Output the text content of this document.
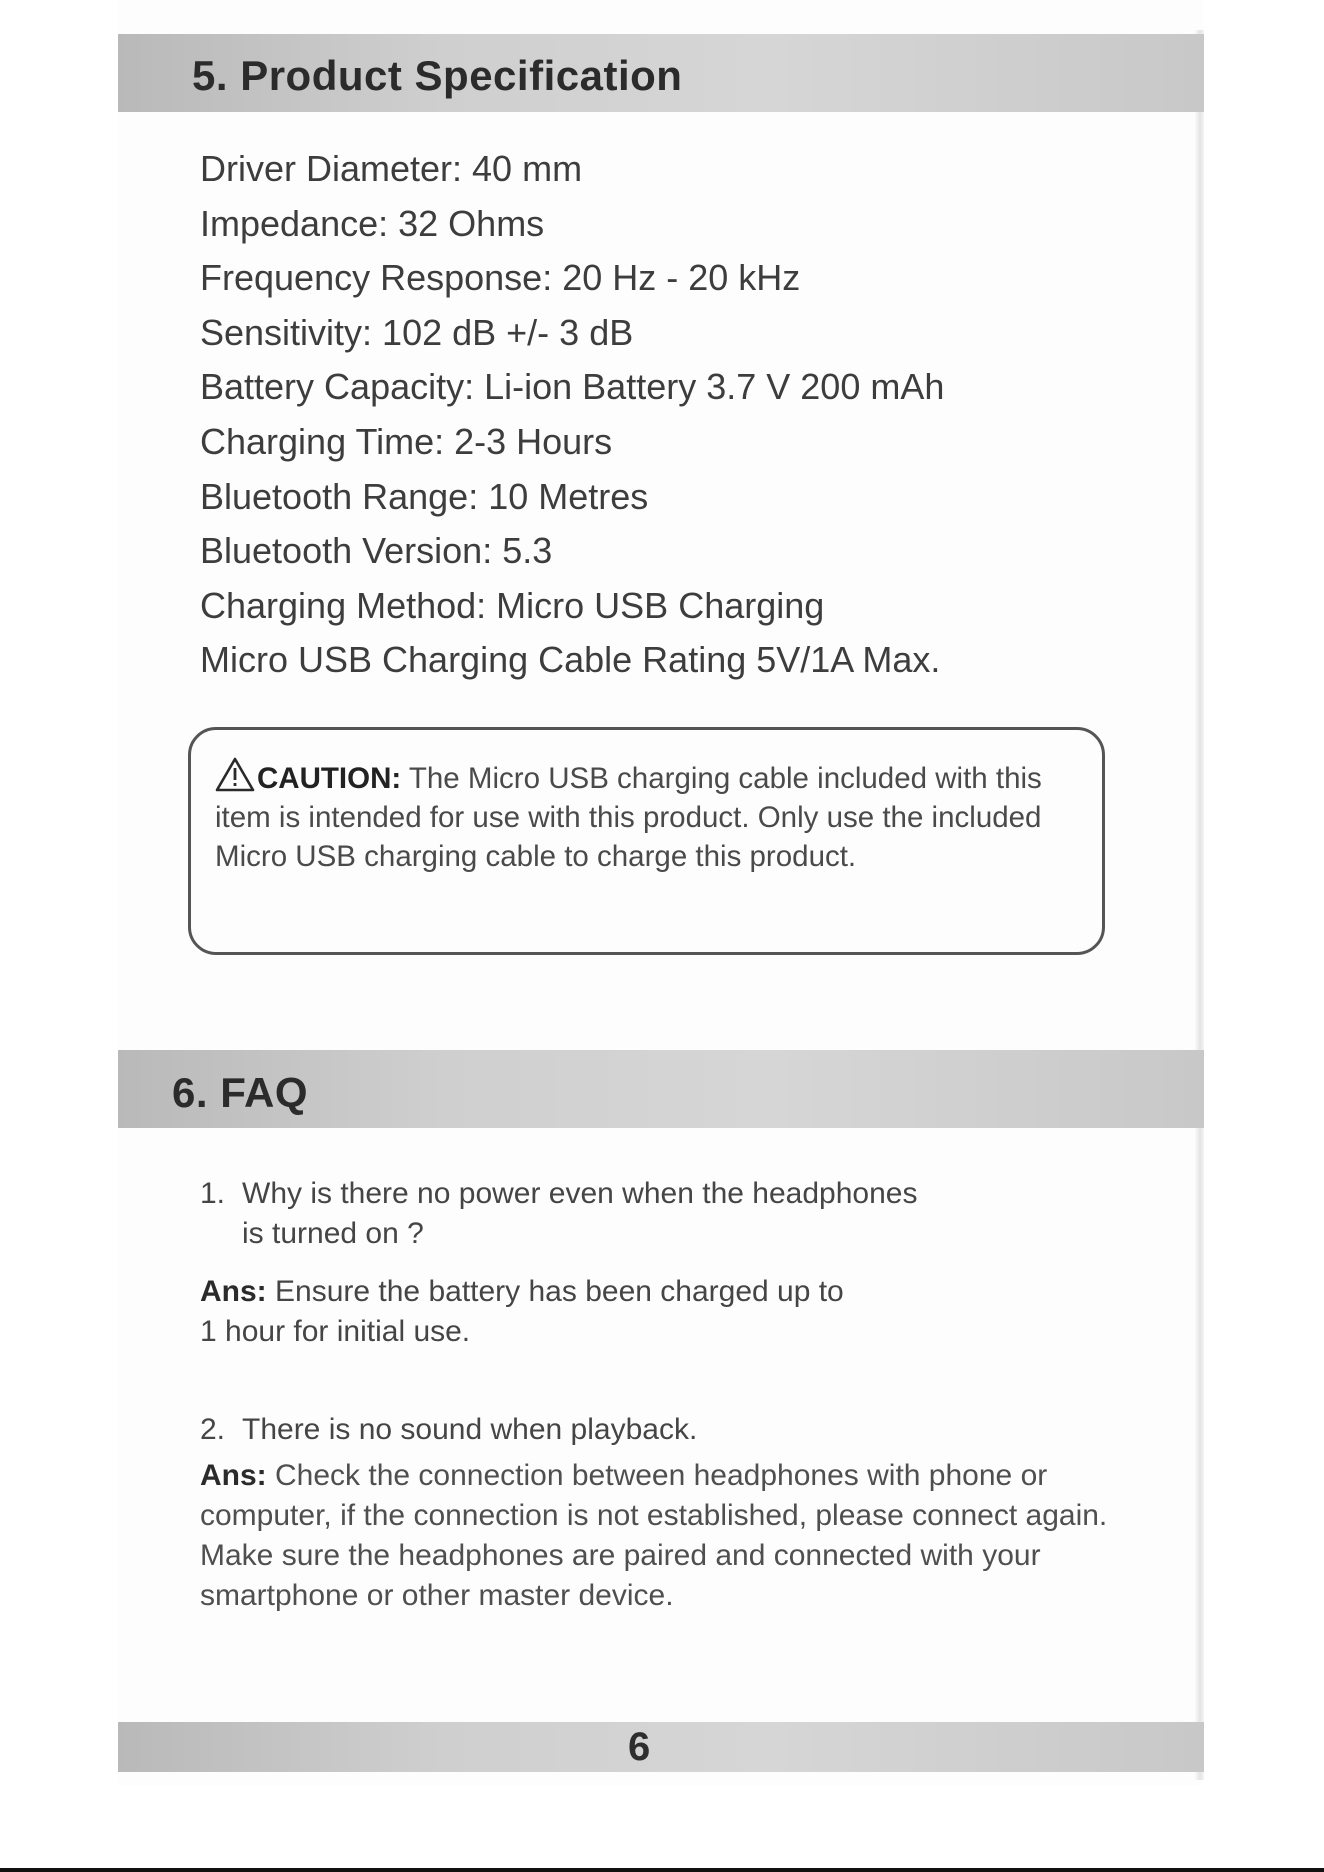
5. Product Specification
Driver Diameter: 40 mm
Impedance: 32 Ohms
Frequency Response: 20 Hz - 20 kHz
Sensitivity: 102 dB +/- 3 dB
Battery Capacity: Li-ion Battery 3.7 V 200 mAh
Charging Time: 2-3 Hours
Bluetooth Range: 10 Metres
Bluetooth Version: 5.3
Charging Method: Micro USB Charging
Micro USB Charging Cable Rating 5V/1A Max.
CAUTION: The Micro USB charging cable included with this item is intended for use with this product. Only use the included Micro USB charging cable to charge this product.
6. FAQ
1. Why is there no power even when the headphones
is turned on ?
Ans: Ensure the battery has been charged up to
1 hour for initial use.
2. There is no sound when playback.
Ans: Check the connection between headphones with phone or computer, if the connection is not established, please connect again. Make sure the headphones are paired and connected with your smartphone or other master device.
6
